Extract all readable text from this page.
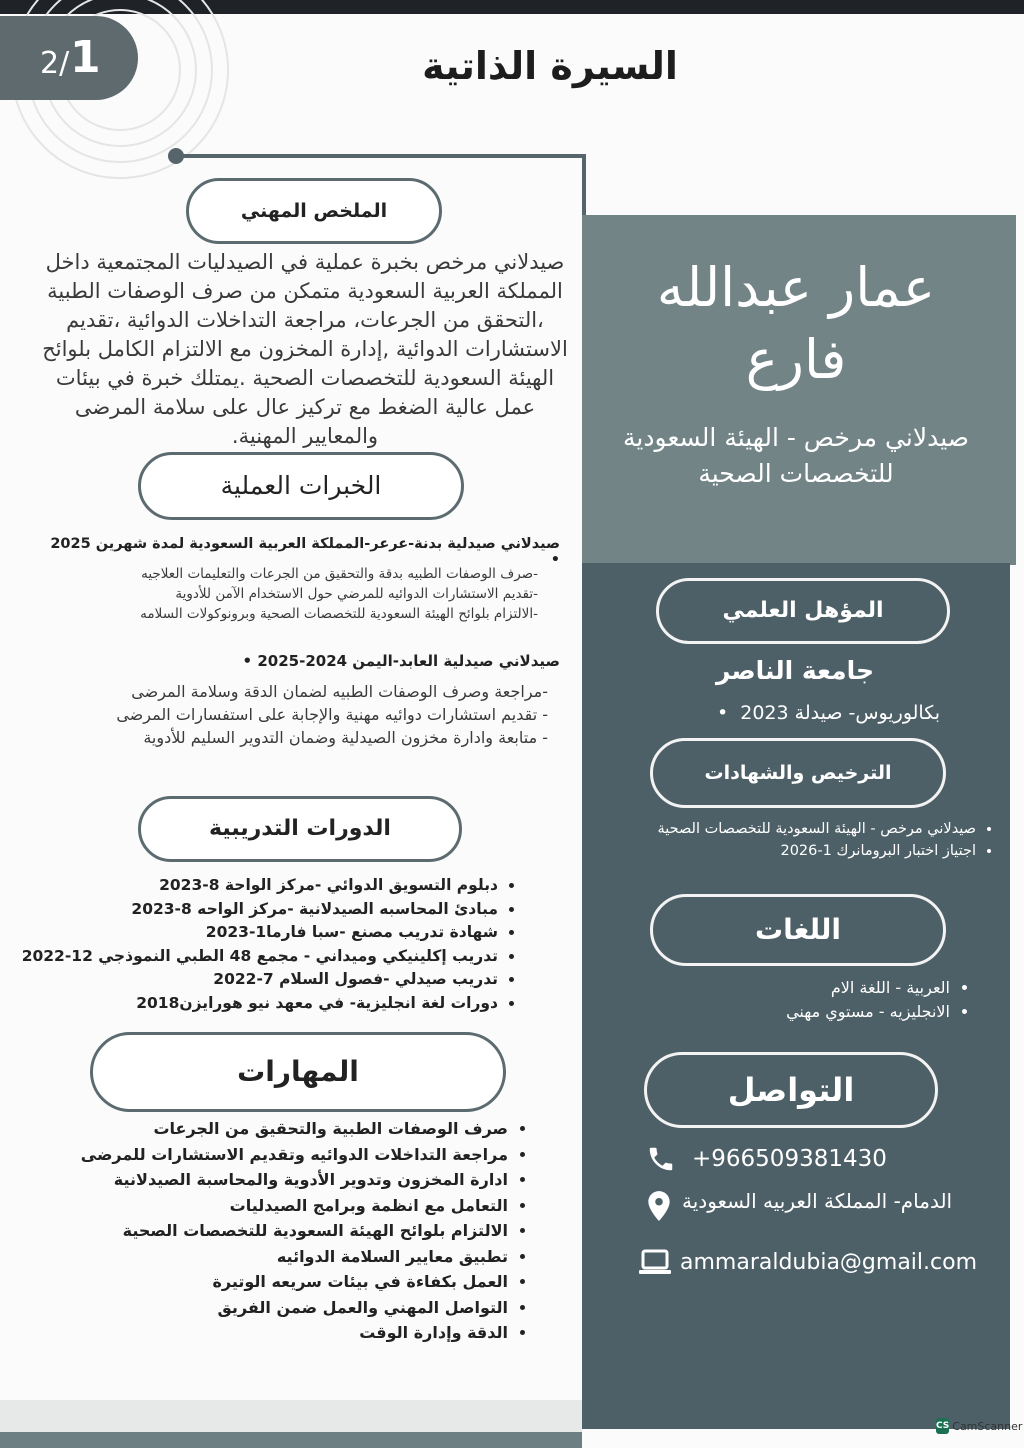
2/ 1	السيرة الذاتية
عمار عبدالله
فارع
صيدلاني مرخص - الهيئة السعودية للتخصصات الصحية
الملخص المهني
صيدلاني مرخص بخبرة عملية في الصيدليات المجتمعية داخل المملكة العربية السعودية متمكن من صرف الوصفات الطبية ،التحقق من الجرعات، مراجعة التداخلات الدوائية ،تقديم الاستشارات الدوائية ,إدارة المخزون مع الالتزام الكامل بلوائح الهيئة السعودية للتخصصات الصحية .يمتلك خبرة في بيئات عمل عالية الضغط مع تركيز عال على سلامة المرضى والمعايير المهنية.
الخبرات العملية
صيدلاني صيدلية بدنة-عرعر-المملكة العربية السعودية لمدة شهرين 2025 •
-صرف الوصفات الطبيه بدقة والتحقيق من الجرعات والتعليمات العلاجيه
-تقديم الاستشارات الدوائيه للمرضي حول الاستخدام الآمن للأدوية
-الالتزام بلوائح الهيئة السعودية للتخصصات الصحية وبرونوكولات السلامه
صيدلاني صيدلية العابد-اليمن 2024-2025 •
-مراجعة وصرف الوصفات الطبيه لضمان الدقة وسلامة المرضى
- تقديم استشارات دوائيه مهنية والإجابة على استفسارات المرضى
- متابعة وادارة مخزون الصيدلية وضمان التدوير السليم للأدوية
الدورات التدريبية
• دبلوم التسويق الدوائي -مركز الواحة 8-2023
• مبادئ المحاسبه الصيدلانية -مركز الواحه 8-2023
• شهادة تدريب مصنع -سبا فارما1-2023
• تدريب إكلينيكي وميداني - مجمع 48 الطبي النموذجي 12-2022
• تدريب صيدلي -فصول السلام 7-2022
• دورات لغة انجليزية- في معهد نيو هورايزن2018
المهارات
• صرف الوصفات الطبية والتحقيق من الجرعات
• مراجعة التداخلات الدوائيه وتقديم الاستشارات للمرضى
• ادارة المخزون وتدوير الأدوية والمحاسبة الصيدلانية
• التعامل مع انظمة وبرامج الصيدليات
• الالتزام بلوائح الهيئة السعودية للتخصصات الصحية
• تطبيق معايير السلامة الدوائيه
• العمل بكفاءة في بيئات سريعه الوتيرة
• التواصل المهني والعمل ضمن الفريق
• الدقة وإدارة الوقت
المؤهل العلمي
جامعة الناصر
بكالوريوس- صيدلة 2023  •
الترخيص والشهادات
• صيدلاني مرخص - الهيئة السعودية للتخصصات الصحية
• اجتياز اختبار البرومانرك 1-2026
اللغات
• العربية - اللغة الام
• الانجليزيه - مستوي مهني
التواصل
+966509381430
الدمام- المملكة العربيه السعودية
ammaraldubia@gmail.com
CS CamScanner
